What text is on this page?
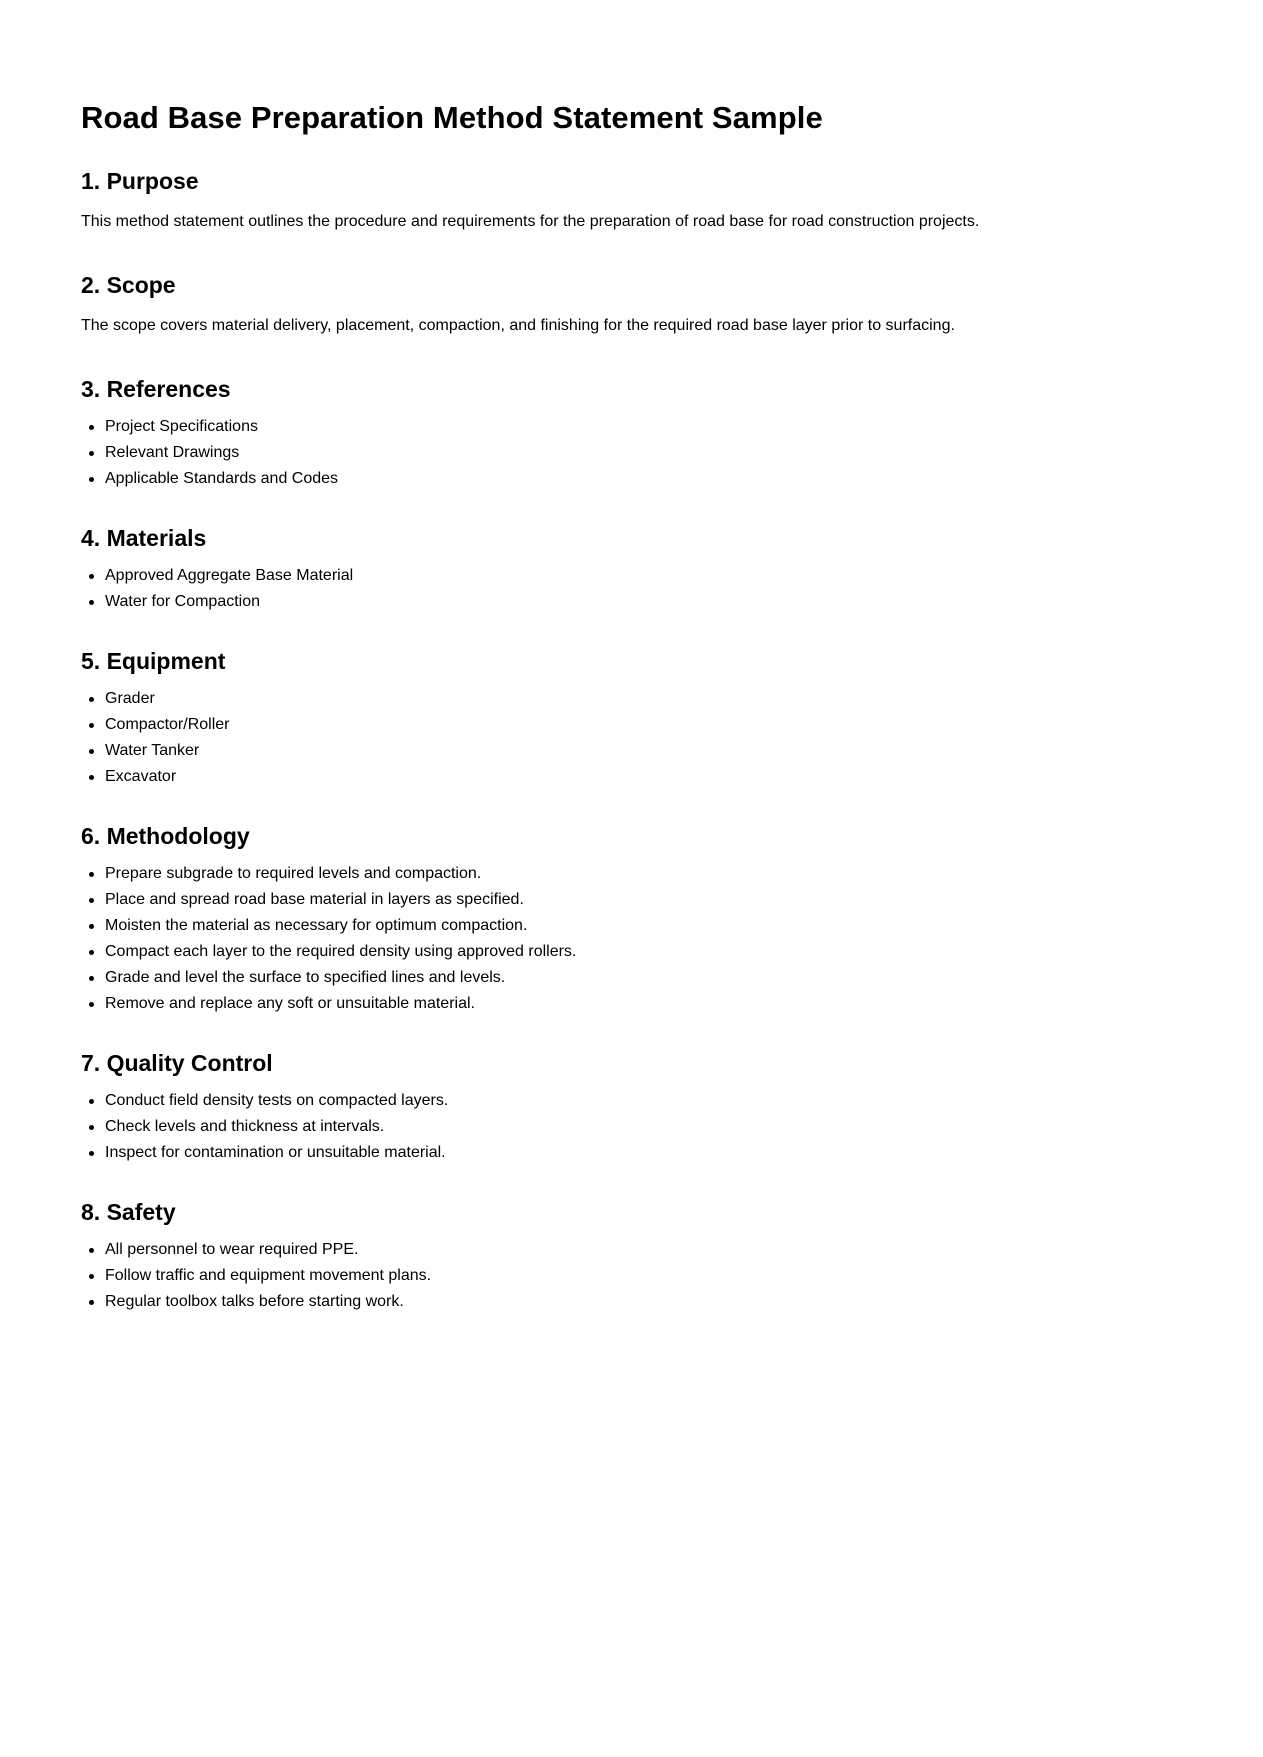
Road Base Preparation Method Statement Sample
1. Purpose

This method statement outlines the procedure and requirements for the preparation of road base for road construction projects.

2. Scope

The scope covers material delivery, placement, compaction, and finishing for the required road base layer prior to surfacing.

3. References
Project Specifications
Relevant Drawings
Applicable Standards and Codes
4. Materials
Approved Aggregate Base Material
Water for Compaction
5. Equipment
Grader
Compactor/Roller
Water Tanker
Excavator
6. Methodology
Prepare subgrade to required levels and compaction.
Place and spread road base material in layers as specified.
Moisten the material as necessary for optimum compaction.
Compact each layer to the required density using approved rollers.
Grade and level the surface to specified lines and levels.
Remove and replace any soft or unsuitable material.
7. Quality Control
Conduct field density tests on compacted layers.
Check levels and thickness at intervals.
Inspect for contamination or unsuitable material.
8. Safety
All personnel to wear required PPE.
Follow traffic and equipment movement plans.
Regular toolbox talks before starting work.
